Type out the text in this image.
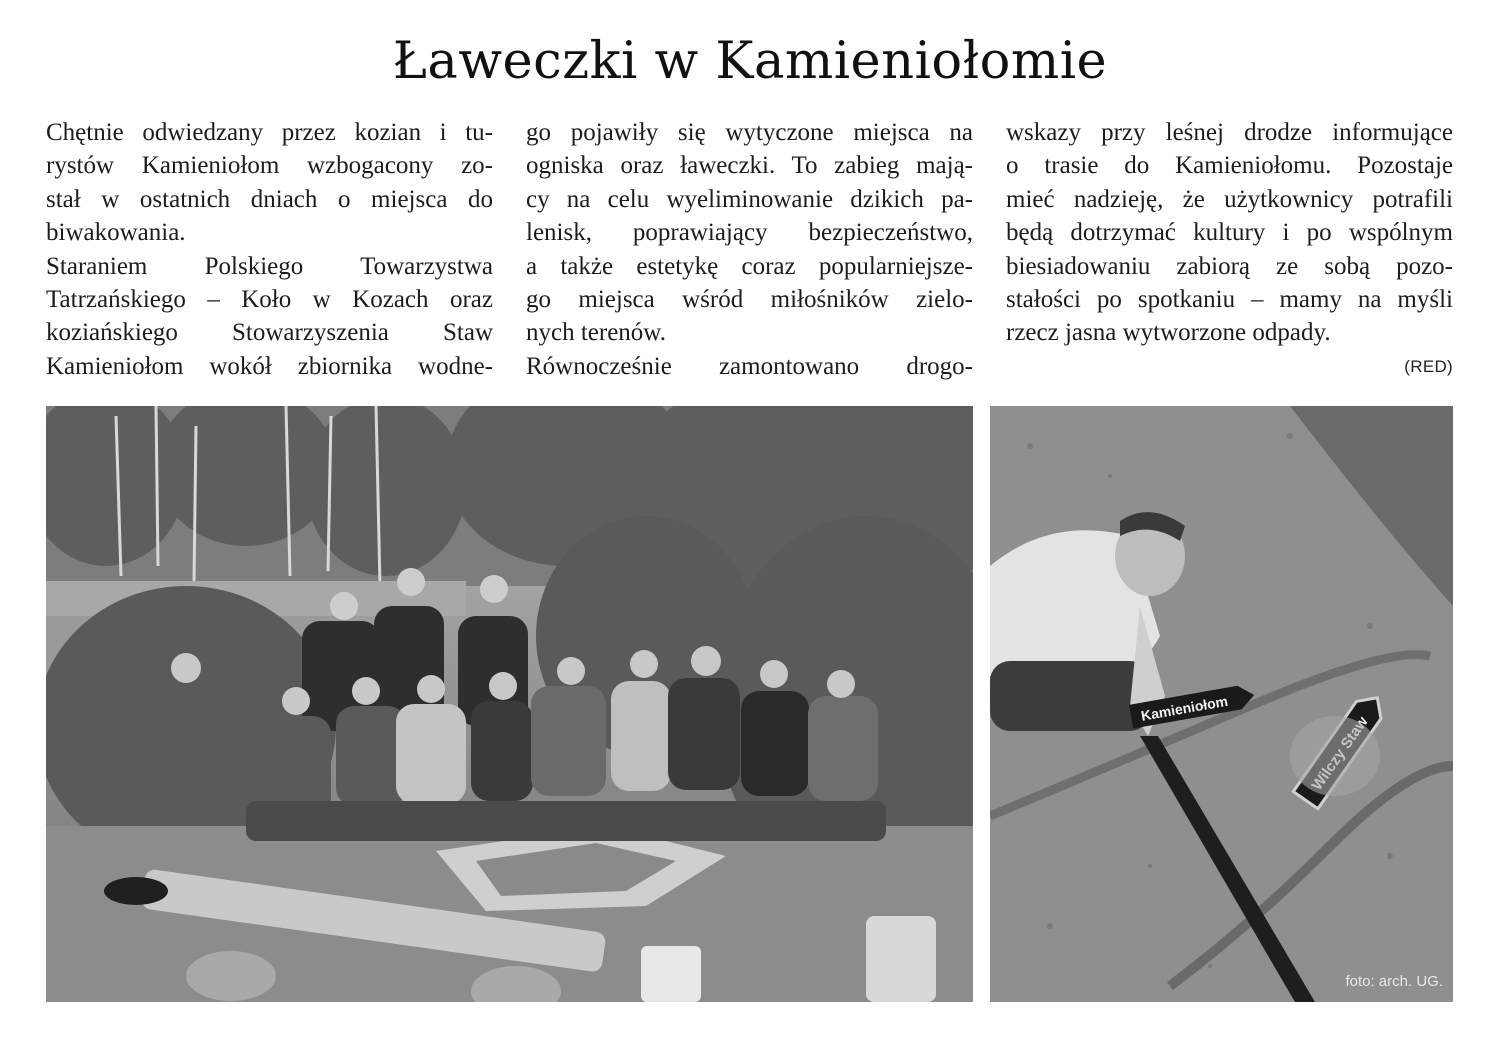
Ławeczki w Kamieniołomie

Chętnie odwiedzany przez kozian i tu-

rystów Kamieniołom wzbogacony zo-

stał w ostatnich dniach o miejsca do

biwakowania.

Staraniem Polskiego Towarzystwa

Tatrzańskiego – Koło w Kozach oraz

koziańskiego Stowarzyszenia Staw

Kamieniołom wokół zbiornika wodne-

go pojawiły się wytyczone miejsca na

ogniska oraz ławeczki. To zabieg mają-

cy na celu wyeliminowanie dzikich pa-

lenisk, poprawiający bezpieczeństwo,

a także estetykę coraz popularniejsze-

go miejsca wśród miłośników zielo-

nych terenów.

Równocześnie zamontowano drogo-

wskazy przy leśnej drodze informujące

o trasie do Kamieniołomu. Pozostaje

mieć nadzieję, że użytkownicy potrafili

będą dotrzymać kultury i po wspólnym

biesiadowaniu zabiorą ze sobą pozo-

stałości po spotkaniu – mamy na myśli

rzecz jasna wytworzone odpady.

(RED)
Kamieniołom
foto: arch. UG.
